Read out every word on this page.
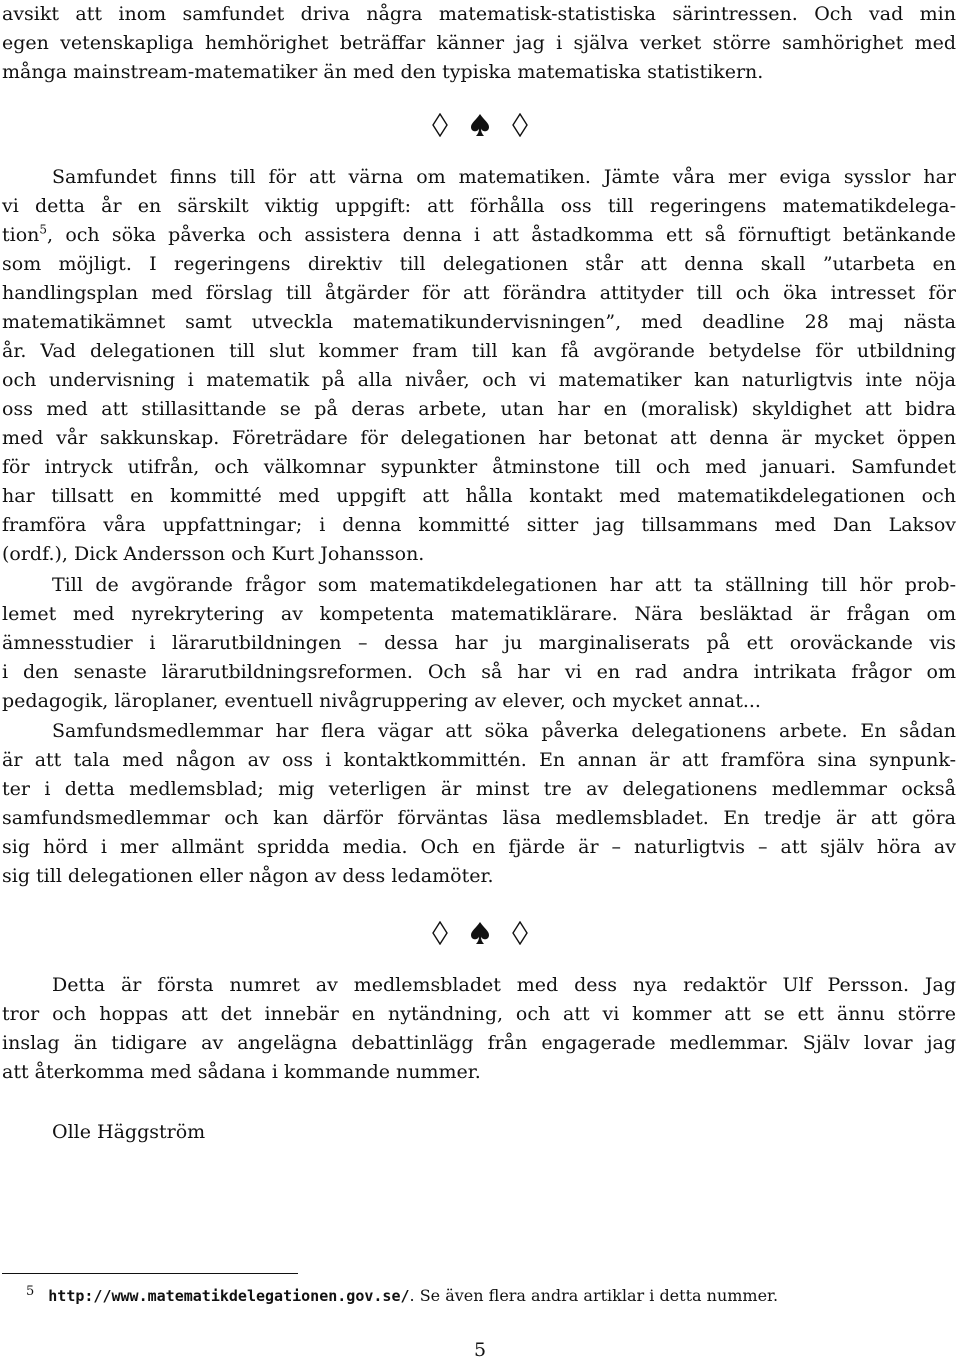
avsikt att inom samfundet driva några matematisk-statistiska särintressen. Och vad min

egen vetenskapliga hemhörighet beträffar känner jag i själva verket större samhörighet med

många mainstream-matematiker än med den typiska matematiska statistikern.

Samfundet finns till för att värna om matematiken. Jämte våra mer eviga sysslor har

vi detta år en särskilt viktig uppgift: att förhålla oss till regeringens matematikdelega-

tion$^5$, och söka påverka och assistera denna i att åstadkomma ett så förnuftigt betänkande

som möjligt. I regeringens direktiv till delegationen står att denna skall ”utarbeta en

handlingsplan med förslag till åtgärder för att förändra attityder till och öka intresset för

matematikämnet samt utveckla matematikundervisningen”, med deadline 28 maj nästa

år. Vad delegationen till slut kommer fram till kan få avgörande betydelse för utbildning

och undervisning i matematik på alla nivåer, och vi matematiker kan naturligtvis inte nöja

oss med att stillasittande se på deras arbete, utan har en (moralisk) skyldighet att bidra

med vår sakkunskap. Företrädare för delegationen har betonat att denna är mycket öppen

för intryck utifrån, och välkomnar sypunkter åtminstone till och med januari. Samfundet

har tillsatt en kommitté med uppgift att hålla kontakt med matematikdelegationen och

framföra våra uppfattningar; i denna kommitté sitter jag tillsammans med Dan Laksov

(ordf.), Dick Andersson och Kurt Johansson.

Till de avgörande frågor som matematikdelegationen har att ta ställning till hör prob-

lemet med nyrekrytering av kompetenta matematiklärare. Nära besläktad är frågan om

ämnesstudier i lärarutbildningen – dessa har ju marginaliserats på ett oroväckande vis

i den senaste lärarutbildningsreformen. Och så har vi en rad andra intrikata frågor om

pedagogik, läroplaner, eventuell nivågruppering av elever, och mycket annat...

Samfundsmedlemmar har flera vägar att söka påverka delegationens arbete. En sådan

är att tala med någon av oss i kontaktkommittén. En annan är att framföra sina synpunk-

ter i detta medlemsblad; mig veterligen är minst tre av delegationens medlemmar också

samfundsmedlemmar och kan därför förväntas läsa medlemsbladet. En tredje är att göra

sig hörd i mer allmänt spridda media. Och en fjärde är – naturligtvis – att själv höra av

sig till delegationen eller någon av dess ledamöter.

Detta är första numret av medlemsbladet med dess nya redaktör Ulf Persson. Jag

tror och hoppas att det innebär en nytändning, och att vi kommer att se ett ännu större

inslag än tidigare av angelägna debattinlägg från engagerade medlemmar. Själv lovar jag

att återkomma med sådana i kommande nummer.

Olle Häggström

$^5$ http://www.matematikdelegationen.gov.se/. Se även flera andra artiklar i detta nummer.

5
